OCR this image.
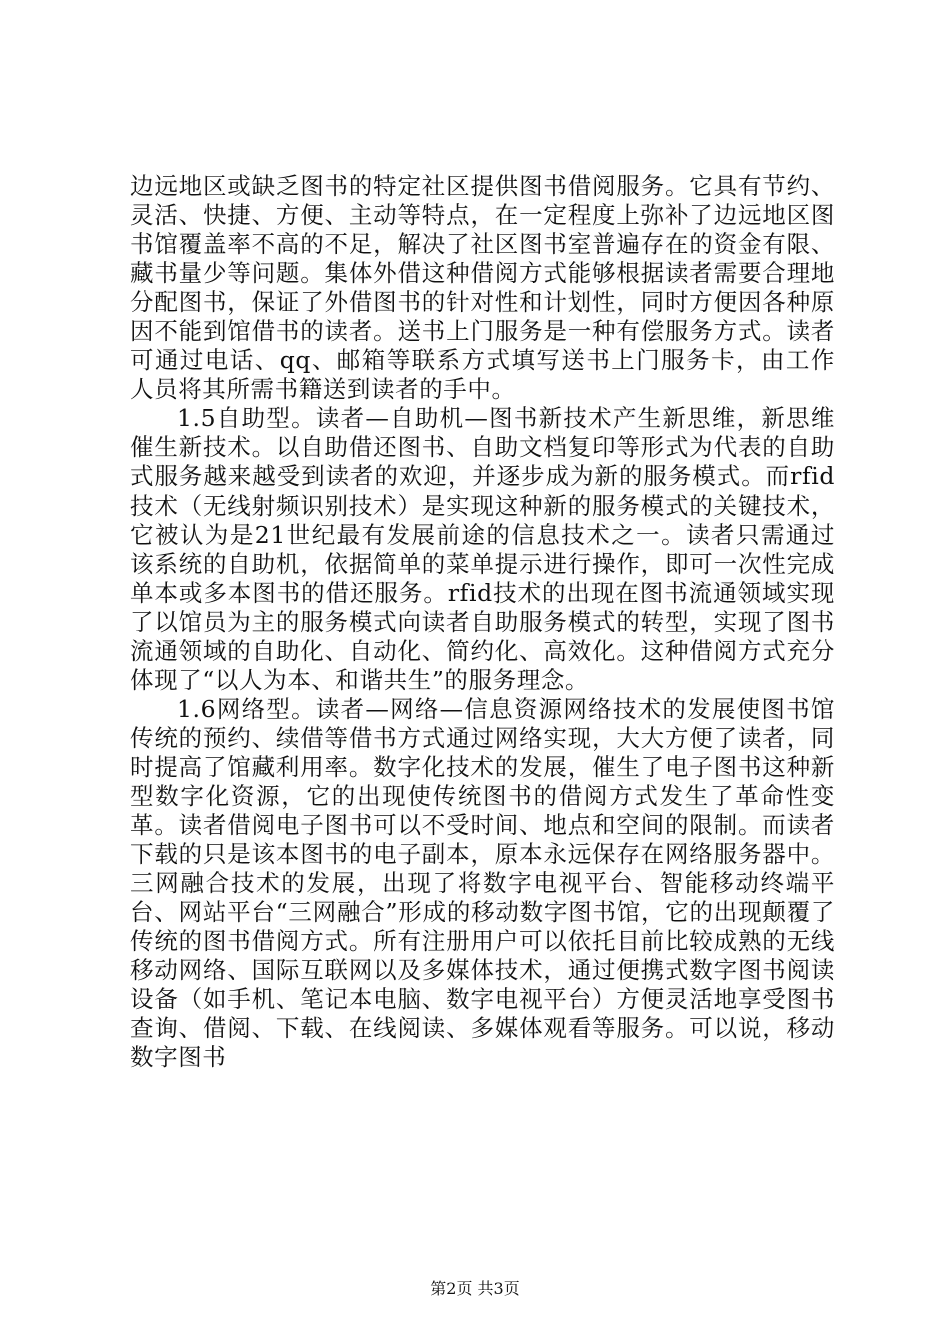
边远地区或缺乏图书的特定社区提供图书借阅服务。它具有节约、灵活、快捷、方便、主动等特点，在一定程度上弥补了边远地区图书馆覆盖率不高的不足，解决了社区图书室普遍存在的资金有限、藏书量少等问题。集体外借这种借阅方式能够根据读者需要合理地分配图书，保证了外借图书的针对性和计划性，同时方便因各种原因不能到馆借书的读者。送书上门服务是一种有偿服务方式。读者可通过电话、qq、邮箱等联系方式填写送书上门服务卡，由工作人员将其所需书籍送到读者的手中。

1.5自助型。读者—自助机—图书新技术产生新思维，新思维催生新技术。以自助借还图书、自助文档复印等形式为代表的自助式服务越来越受到读者的欢迎，并逐步成为新的服务模式。而rfid技术（无线射频识别技术）是实现这种新的服务模式的关键技术，它被认为是21世纪最有发展前途的信息技术之一。读者只需通过该系统的自助机，依据简单的菜单提示进行操作，即可一次性完成单本或多本图书的借还服务。rfid技术的出现在图书流通领域实现了以馆员为主的服务模式向读者自助服务模式的转型，实现了图书流通领域的自助化、自动化、简约化、高效化。这种借阅方式充分体现了“以人为本、和谐共生”的服务理念。

1.6网络型。读者—网络—信息资源网络技术的发展使图书馆传统的预约、续借等借书方式通过网络实现，大大方便了读者，同时提高了馆藏利用率。数字化技术的发展，催生了电子图书这种新型数字化资源，它的出现使传统图书的借阅方式发生了革命性变革。读者借阅电子图书可以不受时间、地点和空间的限制。而读者下载的只是该本图书的电子副本，原本永远保存在网络服务器中。三网融合技术的发展，出现了将数字电视平台、智能移动终端平台、网站平台“三网融合”形成的移动数字图书馆，它的出现颠覆了传统的图书借阅方式。所有注册用户可以依托目前比较成熟的无线移动网络、国际互联网以及多媒体技术，通过便携式数字图书阅读设备（如手机、笔记本电脑、数字电视平台）方便灵活地享受图书查询、借阅、下载、在线阅读、多媒体观看等服务。可以说，移动数字图书

第2页 共3页
